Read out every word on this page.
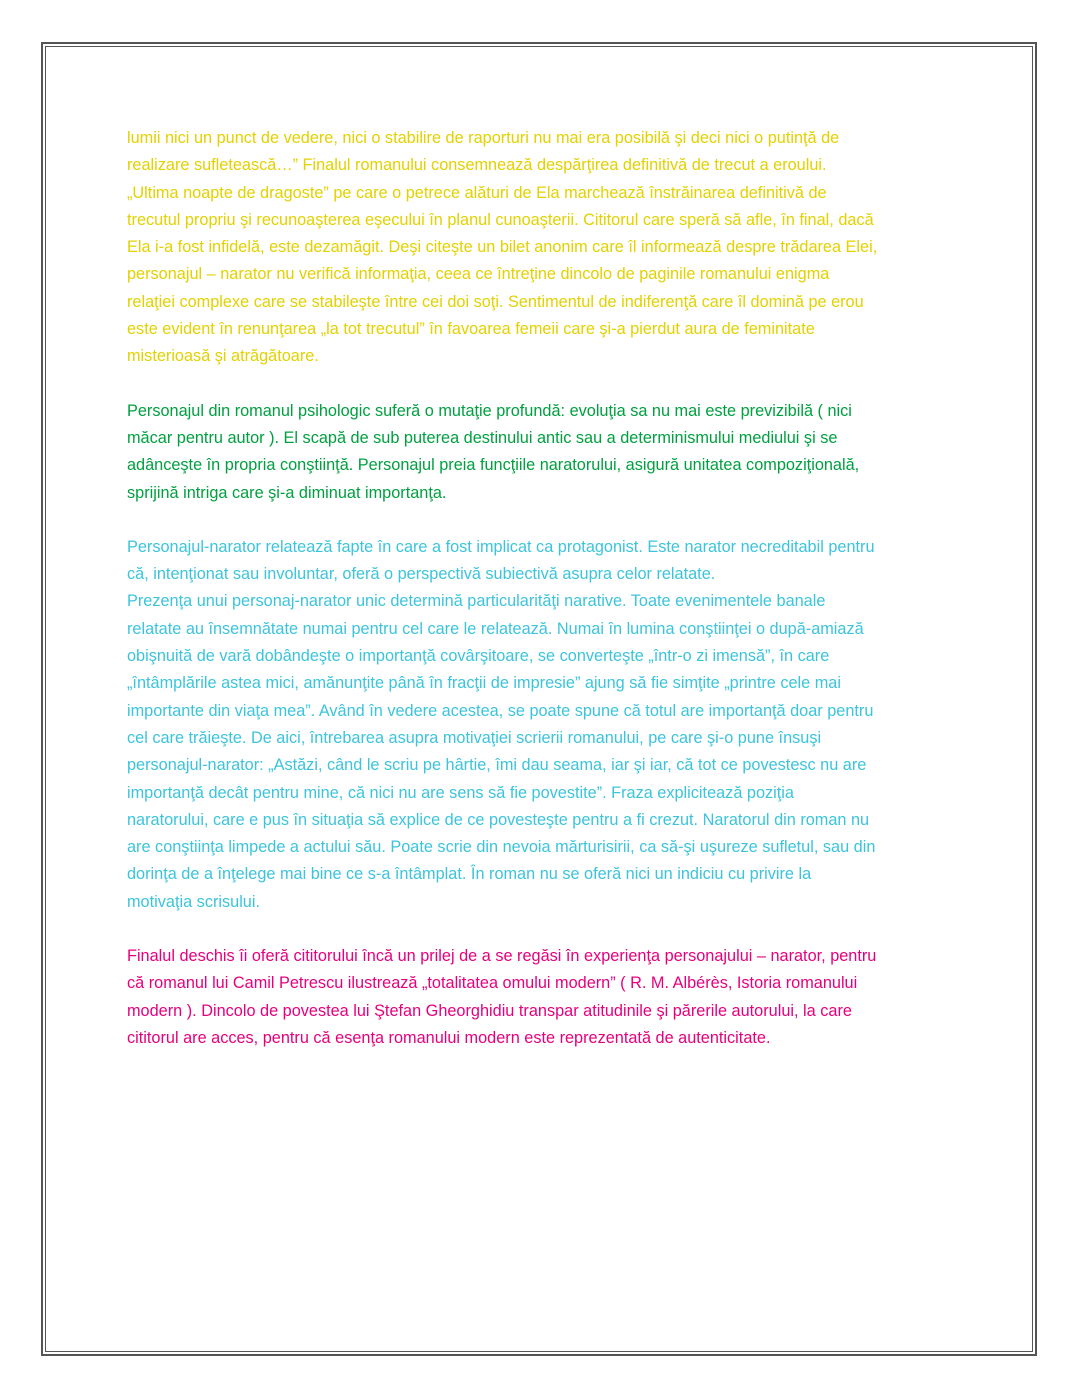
lumii nici un punct de vedere, nici o stabilire de raporturi nu mai era posibilă şi deci nici o putinţă de
realizare sufletească…” Finalul romanului consemnează despărţirea definitivă de trecut a eroului.
„Ultima noapte de dragoste” pe care o petrece alături de Ela marchează înstrăinarea definitivă de
trecutul propriu şi recunoaşterea eşecului în planul cunoaşterii. Cititorul care speră să afle, în final, dacă
Ela i-a fost infidelă, este dezamăgit. Deşi citeşte un bilet anonim care îl informează despre trădarea Elei,
personajul – narator nu verifică informaţia, ceea ce întreţine dincolo de paginile romanului enigma
relaţiei complexe care se stabileşte între cei doi soţi. Sentimentul de indiferenţă care îl domină pe erou
este evident în renunţarea „la tot trecutul” în favoarea femeii care şi-a pierdut aura de feminitate
misterioasă şi atrăgătoare.

Personajul din romanul psihologic suferă o mutaţie profundă: evoluţia sa nu mai este previzibilă ( nici
măcar pentru autor ). El scapă de sub puterea destinului antic sau a determinismului mediului şi se
adânceşte în propria conştiinţă. Personajul preia funcţiile naratorului, asigură unitatea compoziţională,
sprijină intriga care şi-a diminuat importanţa.

Personajul-narator relatează fapte în care a fost implicat ca protagonist. Este narator necreditabil pentru
că, intenţionat sau involuntar, oferă o perspectivă subiectivă asupra celor relatate.
Prezenţa unui personaj-narator unic determină particularităţi narative. Toate evenimentele banale
relatate au însemnătate numai pentru cel care le relatează. Numai în lumina conştiinţei o după-amiază
obişnuită de vară dobândeşte o importanţă covârşitoare, se converteşte „într-o zi imensă”, în care
„întâmplările astea mici, amănunţite până în fracţii de impresie” ajung să fie simţite „printre cele mai
importante din viaţa mea”. Având în vedere acestea, se poate spune că totul are importanţă doar pentru
cel care trăieşte. De aici, întrebarea asupra motivaţiei scrierii romanului, pe care şi-o pune însuşi
personajul-narator: „Astăzi, când le scriu pe hârtie, îmi dau seama, iar şi iar, că tot ce povestesc nu are
importanţă decât pentru mine, că nici nu are sens să fie povestite”. Fraza explicitează poziţia
naratorului, care e pus în situaţia să explice de ce povesteşte pentru a fi crezut. Naratorul din roman nu
are conştiinţa limpede a actului său. Poate scrie din nevoia mărturisirii, ca să-şi uşureze sufletul, sau din
dorinţa de a înţelege mai bine ce s-a întâmplat. În roman nu se oferă nici un indiciu cu privire la
motivaţia scrisului.

Finalul deschis îi oferă cititorului încă un prilej de a se regăsi în experienţa personajului – narator, pentru
că romanul lui Camil Petrescu ilustrează „totalitatea omului modern” ( R. M. Albérès, Istoria romanului
modern ). Dincolo de povestea lui Ştefan Gheorghidiu transpar atitudinile şi părerile autorului, la care
cititorul are acces, pentru că esenţa romanului modern este reprezentată de autenticitate.
